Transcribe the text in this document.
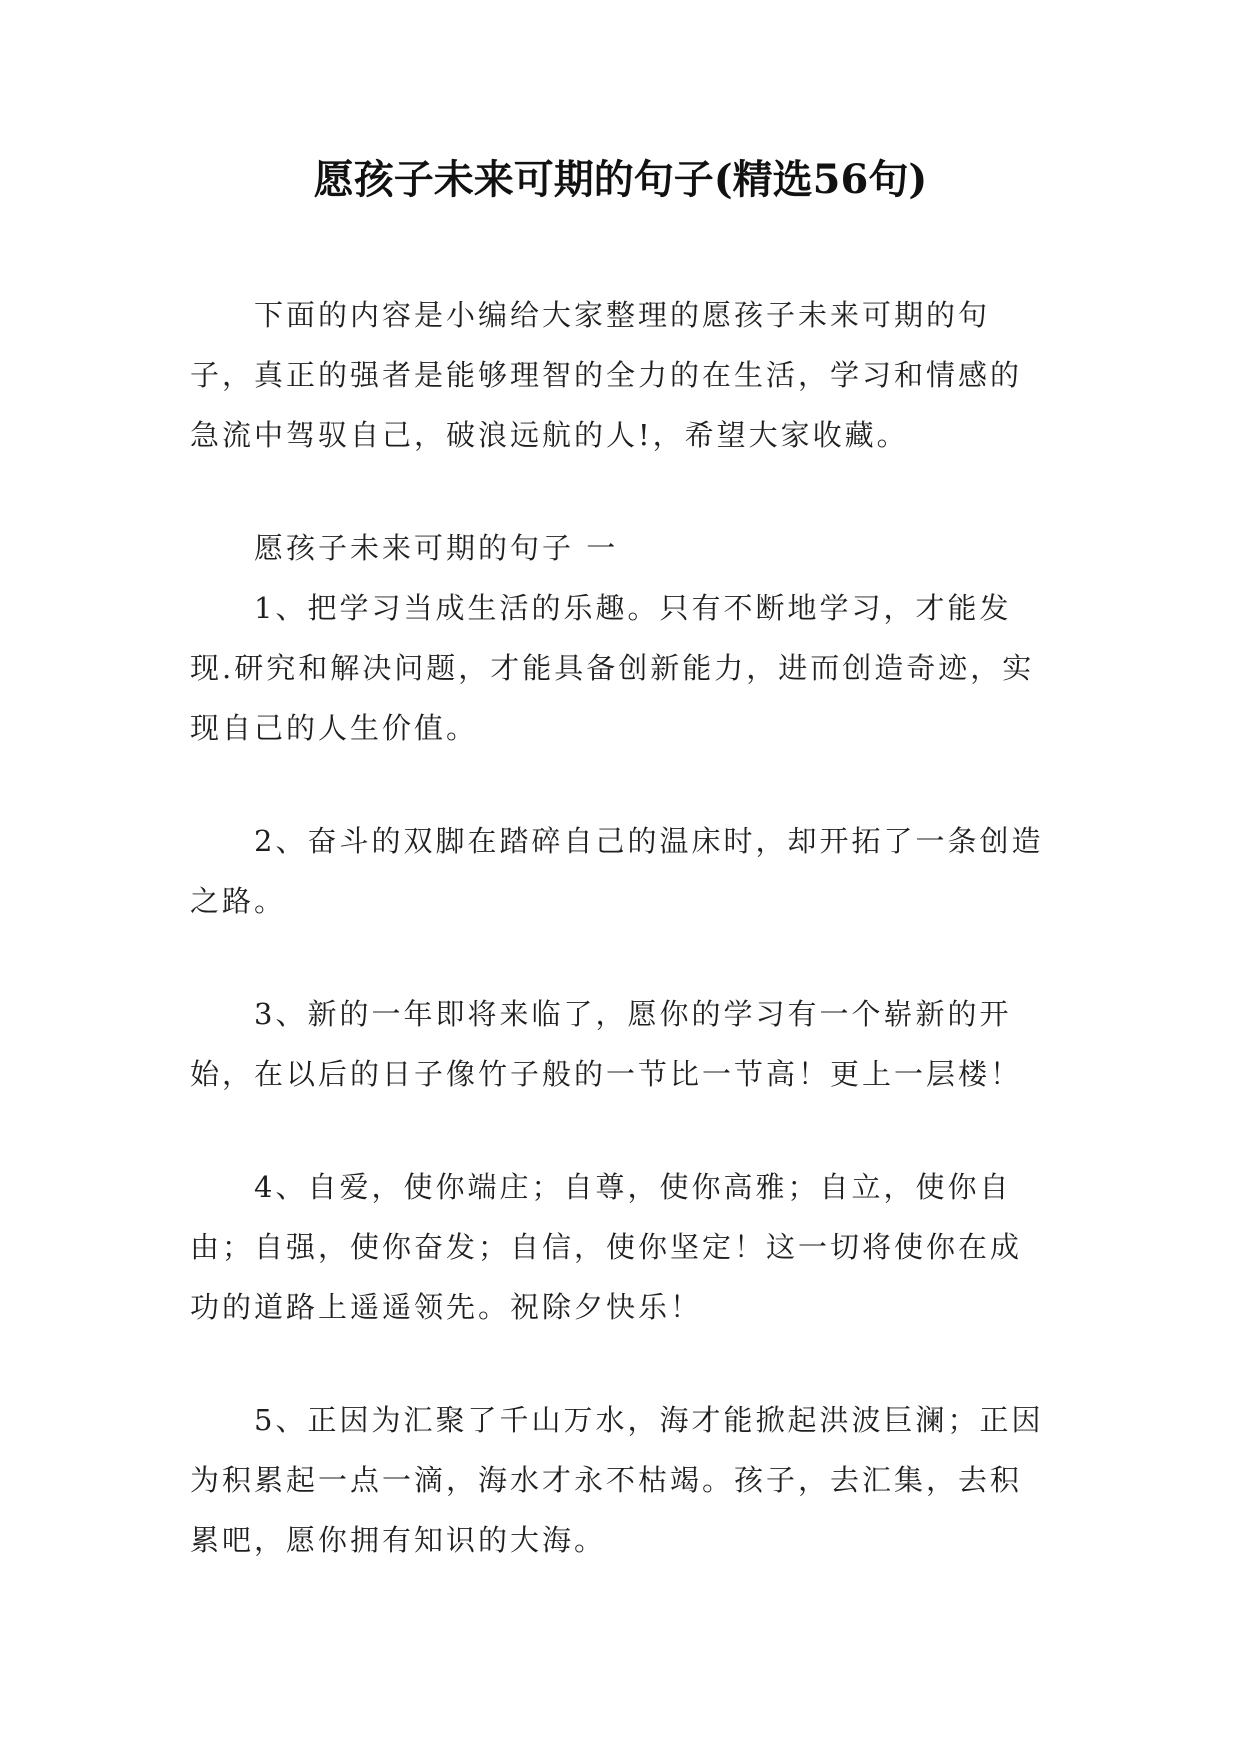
愿孩子未来可期的句子(精选56句)

下面的内容是小编给大家整理的愿孩子未来可期的句子，真正的强者是能够理智的全力的在生活，学习和情感的急流中驾驭自己，破浪远航的人!，希望大家收藏。

愿孩子未来可期的句子 一

1、把学习当成生活的乐趣。只有不断地学习，才能发现.研究和解决问题，才能具备创新能力，进而创造奇迹，实现自己的人生价值。

2、奋斗的双脚在踏碎自己的温床时，却开拓了一条创造之路。

3、新的一年即将来临了，愿你的学习有一个崭新的开始，在以后的日子像竹子般的一节比一节高！更上一层楼！

4、自爱，使你端庄；自尊，使你高雅；自立，使你自由；自强，使你奋发；自信，使你坚定！这一切将使你在成功的道路上遥遥领先。祝除夕快乐！

5、正因为汇聚了千山万水，海才能掀起洪波巨澜；正因为积累起一点一滴，海水才永不枯竭。孩子，去汇集，去积累吧，愿你拥有知识的大海。
